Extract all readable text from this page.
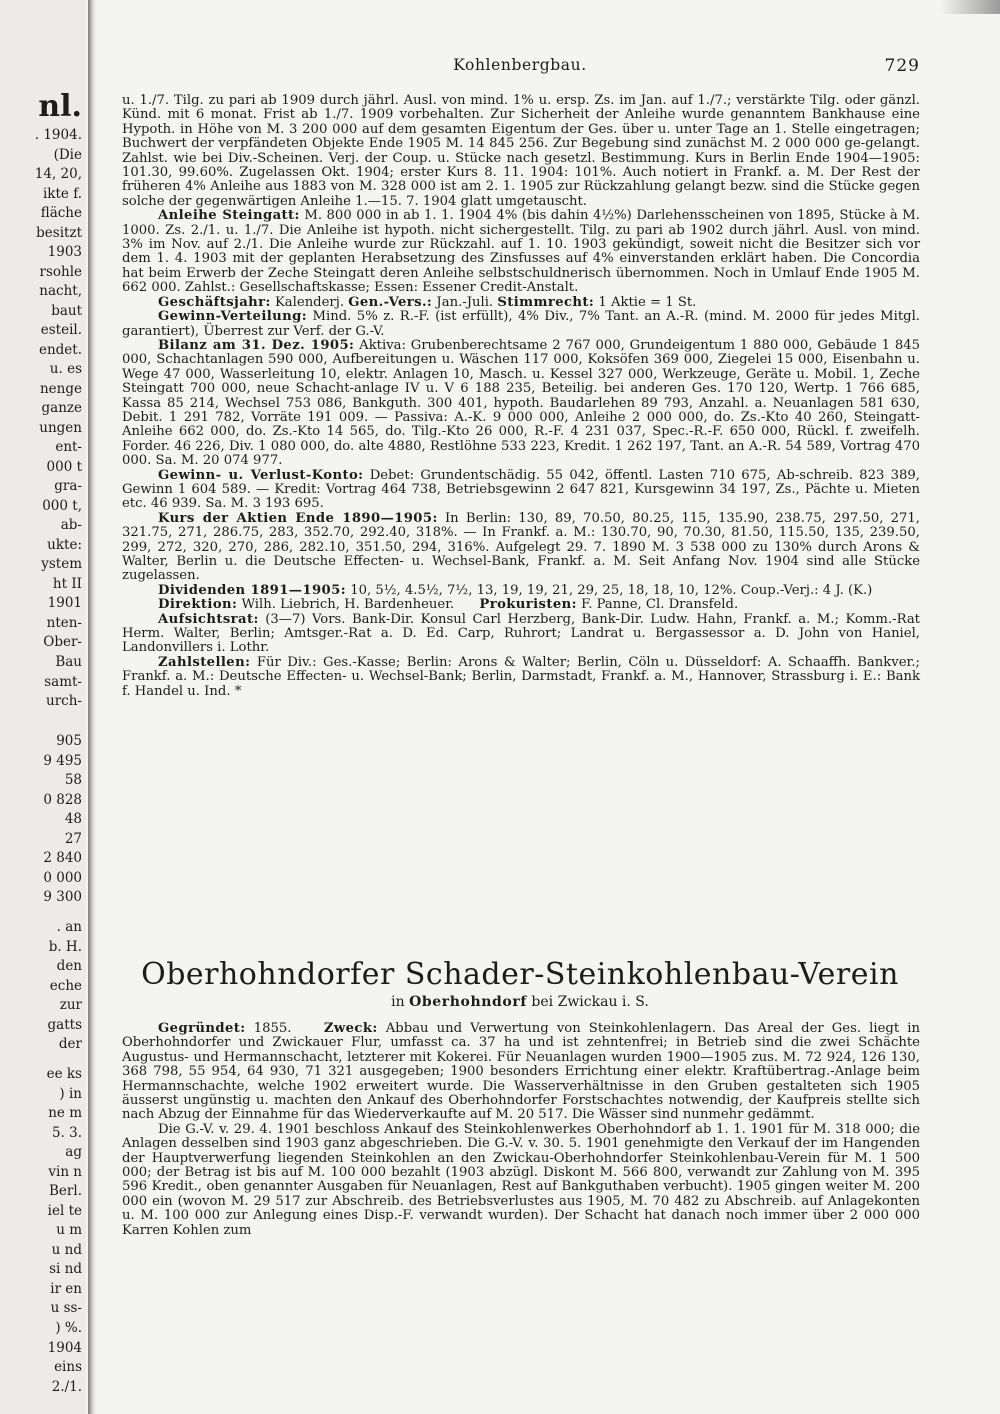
nl.
. 1904.
(Die
14, 20,
ikte f.
fläche
besitzt
1903
rsohle
nacht,
baut
esteil.
endet.
u. es
nenge
ganze
ungen
ent-
000 t
gra-
000 t,
ab-
ukte:
ystem
ht II
1901
nten-
Ober-
Bau
samt-
urch-
905
9 495
58
0 828
48
27
2 840
0 000
9 300
. an
b. H.
den
eche
zur
gatts
der
ee ks
) in
ne m
5. 3.
ag
vin n
Berl.
iel te
u m
u nd
si nd
ir en
u ss-
) %.
1904
eins
2./1.
Kohlenbergbau.	729

u. 1./7. Tilg. zu pari ab 1909 durch jährl. Ausl. von mind. 1% u. ersp. Zs. im Jan. auf 1./7.; verstärkte Tilg. oder gänzl. Künd. mit 6 monat. Frist ab 1./7. 1909 vorbehalten. Zur Sicherheit der Anleihe wurde genanntem Bankhause eine Hypoth. in Höhe von M. 3 200 000 auf dem gesamten Eigentum der Ges. über u. unter Tage an 1. Stelle eingetragen; Buchwert der verpfändeten Objekte Ende 1905 M. 14 845 256. Zur Begebung sind zunächst M. 2 000 000 ge-gelangt. Zahlst. wie bei Div.-Scheinen. Verj. der Coup. u. Stücke nach gesetzl. Bestimmung. Kurs in Berlin Ende 1904—1905: 101.30, 99.60%. Zugelassen Okt. 1904; erster Kurs 8. 11. 1904: 101%. Auch notiert in Frankf. a. M. Der Rest der früheren 4% Anleihe aus 1883 von M. 328 000 ist am 2. 1. 1905 zur Rückzahlung gelangt bezw. sind die Stücke gegen solche der gegenwärtigen Anleihe 1.—15. 7. 1904 glatt umgetauscht.

Anleihe Steingatt: M. 800 000 in ab 1. 1. 1904 4% (bis dahin 4½%) Darlehensscheinen von 1895, Stücke à M. 1000. Zs. 2./1. u. 1./7. Die Anleihe ist hypoth. nicht sichergestellt. Tilg. zu pari ab 1902 durch jährl. Ausl. von mind. 3% im Nov. auf 2./1. Die Anleihe wurde zur Rückzahl. auf 1. 10. 1903 gekündigt, soweit nicht die Besitzer sich vor dem 1. 4. 1903 mit der geplanten Herabsetzung des Zinsfusses auf 4% einverstanden erklärt haben. Die Concordia hat beim Erwerb der Zeche Steingatt deren Anleihe selbstschuldnerisch übernommen. Noch in Umlauf Ende 1905 M. 662 000. Zahlst.: Gesellschaftskasse; Essen: Essener Credit-Anstalt.

Geschäftsjahr: Kalenderj. Gen.-Vers.: Jan.-Juli. Stimmrecht: 1 Aktie = 1 St.

Gewinn-Verteilung: Mind. 5% z. R.-F. (ist erfüllt), 4% Div., 7% Tant. an A.-R. (mind. M. 2000 für jedes Mitgl. garantiert), Überrest zur Verf. der G.-V.

Bilanz am 31. Dez. 1905: Aktiva: Grubenberechtsame 2 767 000, Grundeigentum 1 880 000, Gebäude 1 845 000, Schachtanlagen 590 000, Aufbereitungen u. Wäschen 117 000, Koksöfen 369 000, Ziegelei 15 000, Eisenbahn u. Wege 47 000, Wasserleitung 10, elektr. Anlagen 10, Masch. u. Kessel 327 000, Werkzeuge, Geräte u. Mobil. 1, Zeche Steingatt 700 000, neue Schacht-anlage IV u. V 6 188 235, Beteilig. bei anderen Ges. 170 120, Wertp. 1 766 685, Kassa 85 214, Wechsel 753 086, Bankguth. 300 401, hypoth. Baudarlehen 89 793, Anzahl. a. Neuanlagen 581 630, Debit. 1 291 782, Vorräte 191 009. — Passiva: A.-K. 9 000 000, Anleihe 2 000 000, do. Zs.-Kto 40 260, Steingatt-Anleihe 662 000, do. Zs.-Kto 14 565, do. Tilg.-Kto 26 000, R.-F. 4 231 037, Spec.-R.-F. 650 000, Rückl. f. zweifelh. Forder. 46 226, Div. 1 080 000, do. alte 4880, Restlöhne 533 223, Kredit. 1 262 197, Tant. an A.-R. 54 589, Vortrag 470 000. Sa. M. 20 074 977.

Gewinn- u. Verlust-Konto: Debet: Grundentschädig. 55 042, öffentl. Lasten 710 675, Ab-schreib. 823 389, Gewinn 1 604 589. — Kredit: Vortrag 464 738, Betriebsgewinn 2 647 821, Kursgewinn 34 197, Zs., Pächte u. Mieten etc. 46 939. Sa. M. 3 193 695.

Kurs der Aktien Ende 1890—1905: In Berlin: 130, 89, 70.50, 80.25, 115, 135.90, 238.75, 297.50, 271, 321.75, 271, 286.75, 283, 352.70, 292.40, 318%. — In Frankf. a. M.: 130.70, 90, 70.30, 81.50, 115.50, 135, 239.50, 299, 272, 320, 270, 286, 282.10, 351.50, 294, 316%. Aufgelegt 29. 7. 1890 M. 3 538 000 zu 130% durch Arons & Walter, Berlin u. die Deutsche Effecten- u. Wechsel-Bank, Frankf. a. M. Seit Anfang Nov. 1904 sind alle Stücke zugelassen.

Dividenden 1891—1905: 10, 5½, 4.5½, 7½, 13, 19, 19, 21, 29, 25, 18, 18, 10, 12%. Coup.-Verj.: 4 J. (K.)

Direktion: Wilh. Liebrich, H. Bardenheuer. Prokuristen: F. Panne, Cl. Dransfeld.

Aufsichtsrat: (3—7) Vors. Bank-Dir. Konsul Carl Herzberg, Bank-Dir. Ludw. Hahn, Frankf. a. M.; Komm.-Rat Herm. Walter, Berlin; Amtsger.-Rat a. D. Ed. Carp, Ruhrort; Landrat u. Bergassessor a. D. John von Haniel, Landonvillers i. Lothr.

Zahlstellen: Für Div.: Ges.-Kasse; Berlin: Arons & Walter; Berlin, Cöln u. Düsseldorf: A. Schaaffh. Bankver.; Frankf. a. M.: Deutsche Effecten- u. Wechsel-Bank; Berlin, Darmstadt, Frankf. a. M., Hannover, Strassburg i. E.: Bank f. Handel u. Ind. *

Oberhohndorfer Schader-Steinkohlenbau-Verein
in Oberhohndorf bei Zwickau i. S.

Gegründet: 1855. Zweck: Abbau und Verwertung von Steinkohlenlagern. Das Areal der Ges. liegt in Oberhohndorfer und Zwickauer Flur, umfasst ca. 37 ha und ist zehntenfrei; in Betrieb sind die zwei Schächte Augustus- und Hermannschacht, letzterer mit Kokerei. Für Neuanlagen wurden 1900—1905 zus. M. 72 924, 126 130, 368 798, 55 954, 64 930, 71 321 ausgegeben; 1900 besonders Errichtung einer elektr. Kraftübertrag.-Anlage beim Hermannschachte, welche 1902 erweitert wurde. Die Wasserverhältnisse in den Gruben gestalteten sich 1905 äusserst ungünstig u. machten den Ankauf des Oberhohndorfer Forstschachtes notwendig, der Kaufpreis stellte sich nach Abzug der Einnahme für das Wiederverkaufte auf M. 20 517. Die Wässer sind nunmehr gedämmt.

Die G.-V. v. 29. 4. 1901 beschloss Ankauf des Steinkohlenwerkes Oberhohndorf ab 1. 1. 1901 für M. 318 000; die Anlagen desselben sind 1903 ganz abgeschrieben. Die G.-V. v. 30. 5. 1901 genehmigte den Verkauf der im Hangenden der Hauptverwerfung liegenden Steinkohlen an den Zwickau-Oberhohndorfer Steinkohlenbau-Verein für M. 1 500 000; der Betrag ist bis auf M. 100 000 bezahlt (1903 abzügl. Diskont M. 566 800, verwandt zur Zahlung von M. 395 596 Kredit., oben genannter Ausgaben für Neuanlagen, Rest auf Bankguthaben verbucht). 1905 gingen weiter M. 200 000 ein (wovon M. 29 517 zur Abschreib. des Betriebsverlustes aus 1905, M. 70 482 zu Abschreib. auf Anlagekonten u. M. 100 000 zur Anlegung eines Disp.-F. verwandt wurden). Der Schacht hat danach noch immer über 2 000 000 Karren Kohlen zum
